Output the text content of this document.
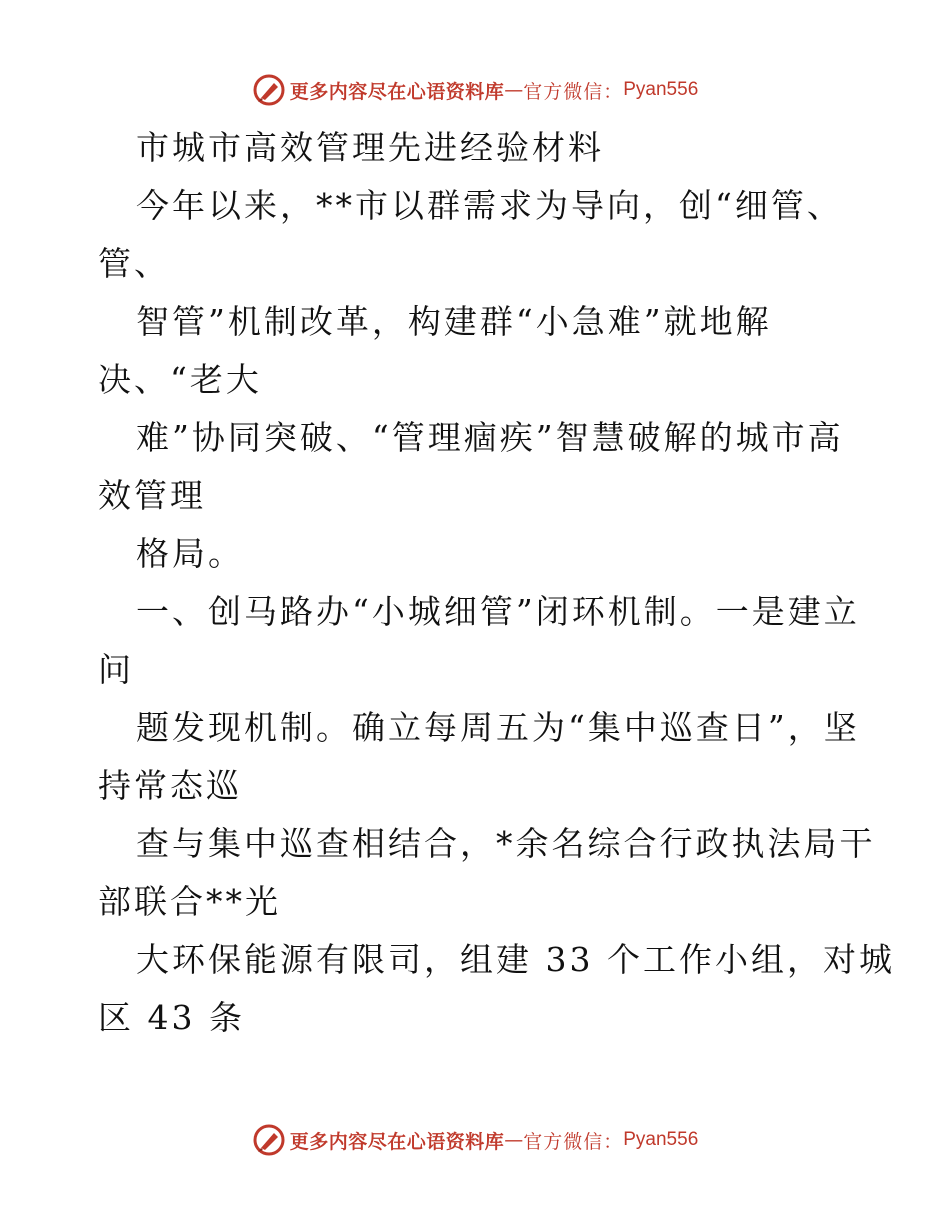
更多内容尽在心语资料库 — 官方微信： Pyan556
市城市高效管理先进经验材料
今年以来，**市以群需求为导向，创“细管、
管、
智管”机制改革，构建群“小急难”就地解
决、“老大
难”协同突破、“管理痼疾”智慧破解的城市高
效管理
格局。
一、创马路办“小城细管”闭环机制。一是建立
问
题发现机制。确立每周五为“集中巡查日”，坚
持常态巡
查与集中巡查相结合，*余名综合行政执法局干
部联合**光
大环保能源有限司，组建 33 个工作小组，对城
区 43 条
更多内容尽在心语资料库 — 官方微信： Pyan556
